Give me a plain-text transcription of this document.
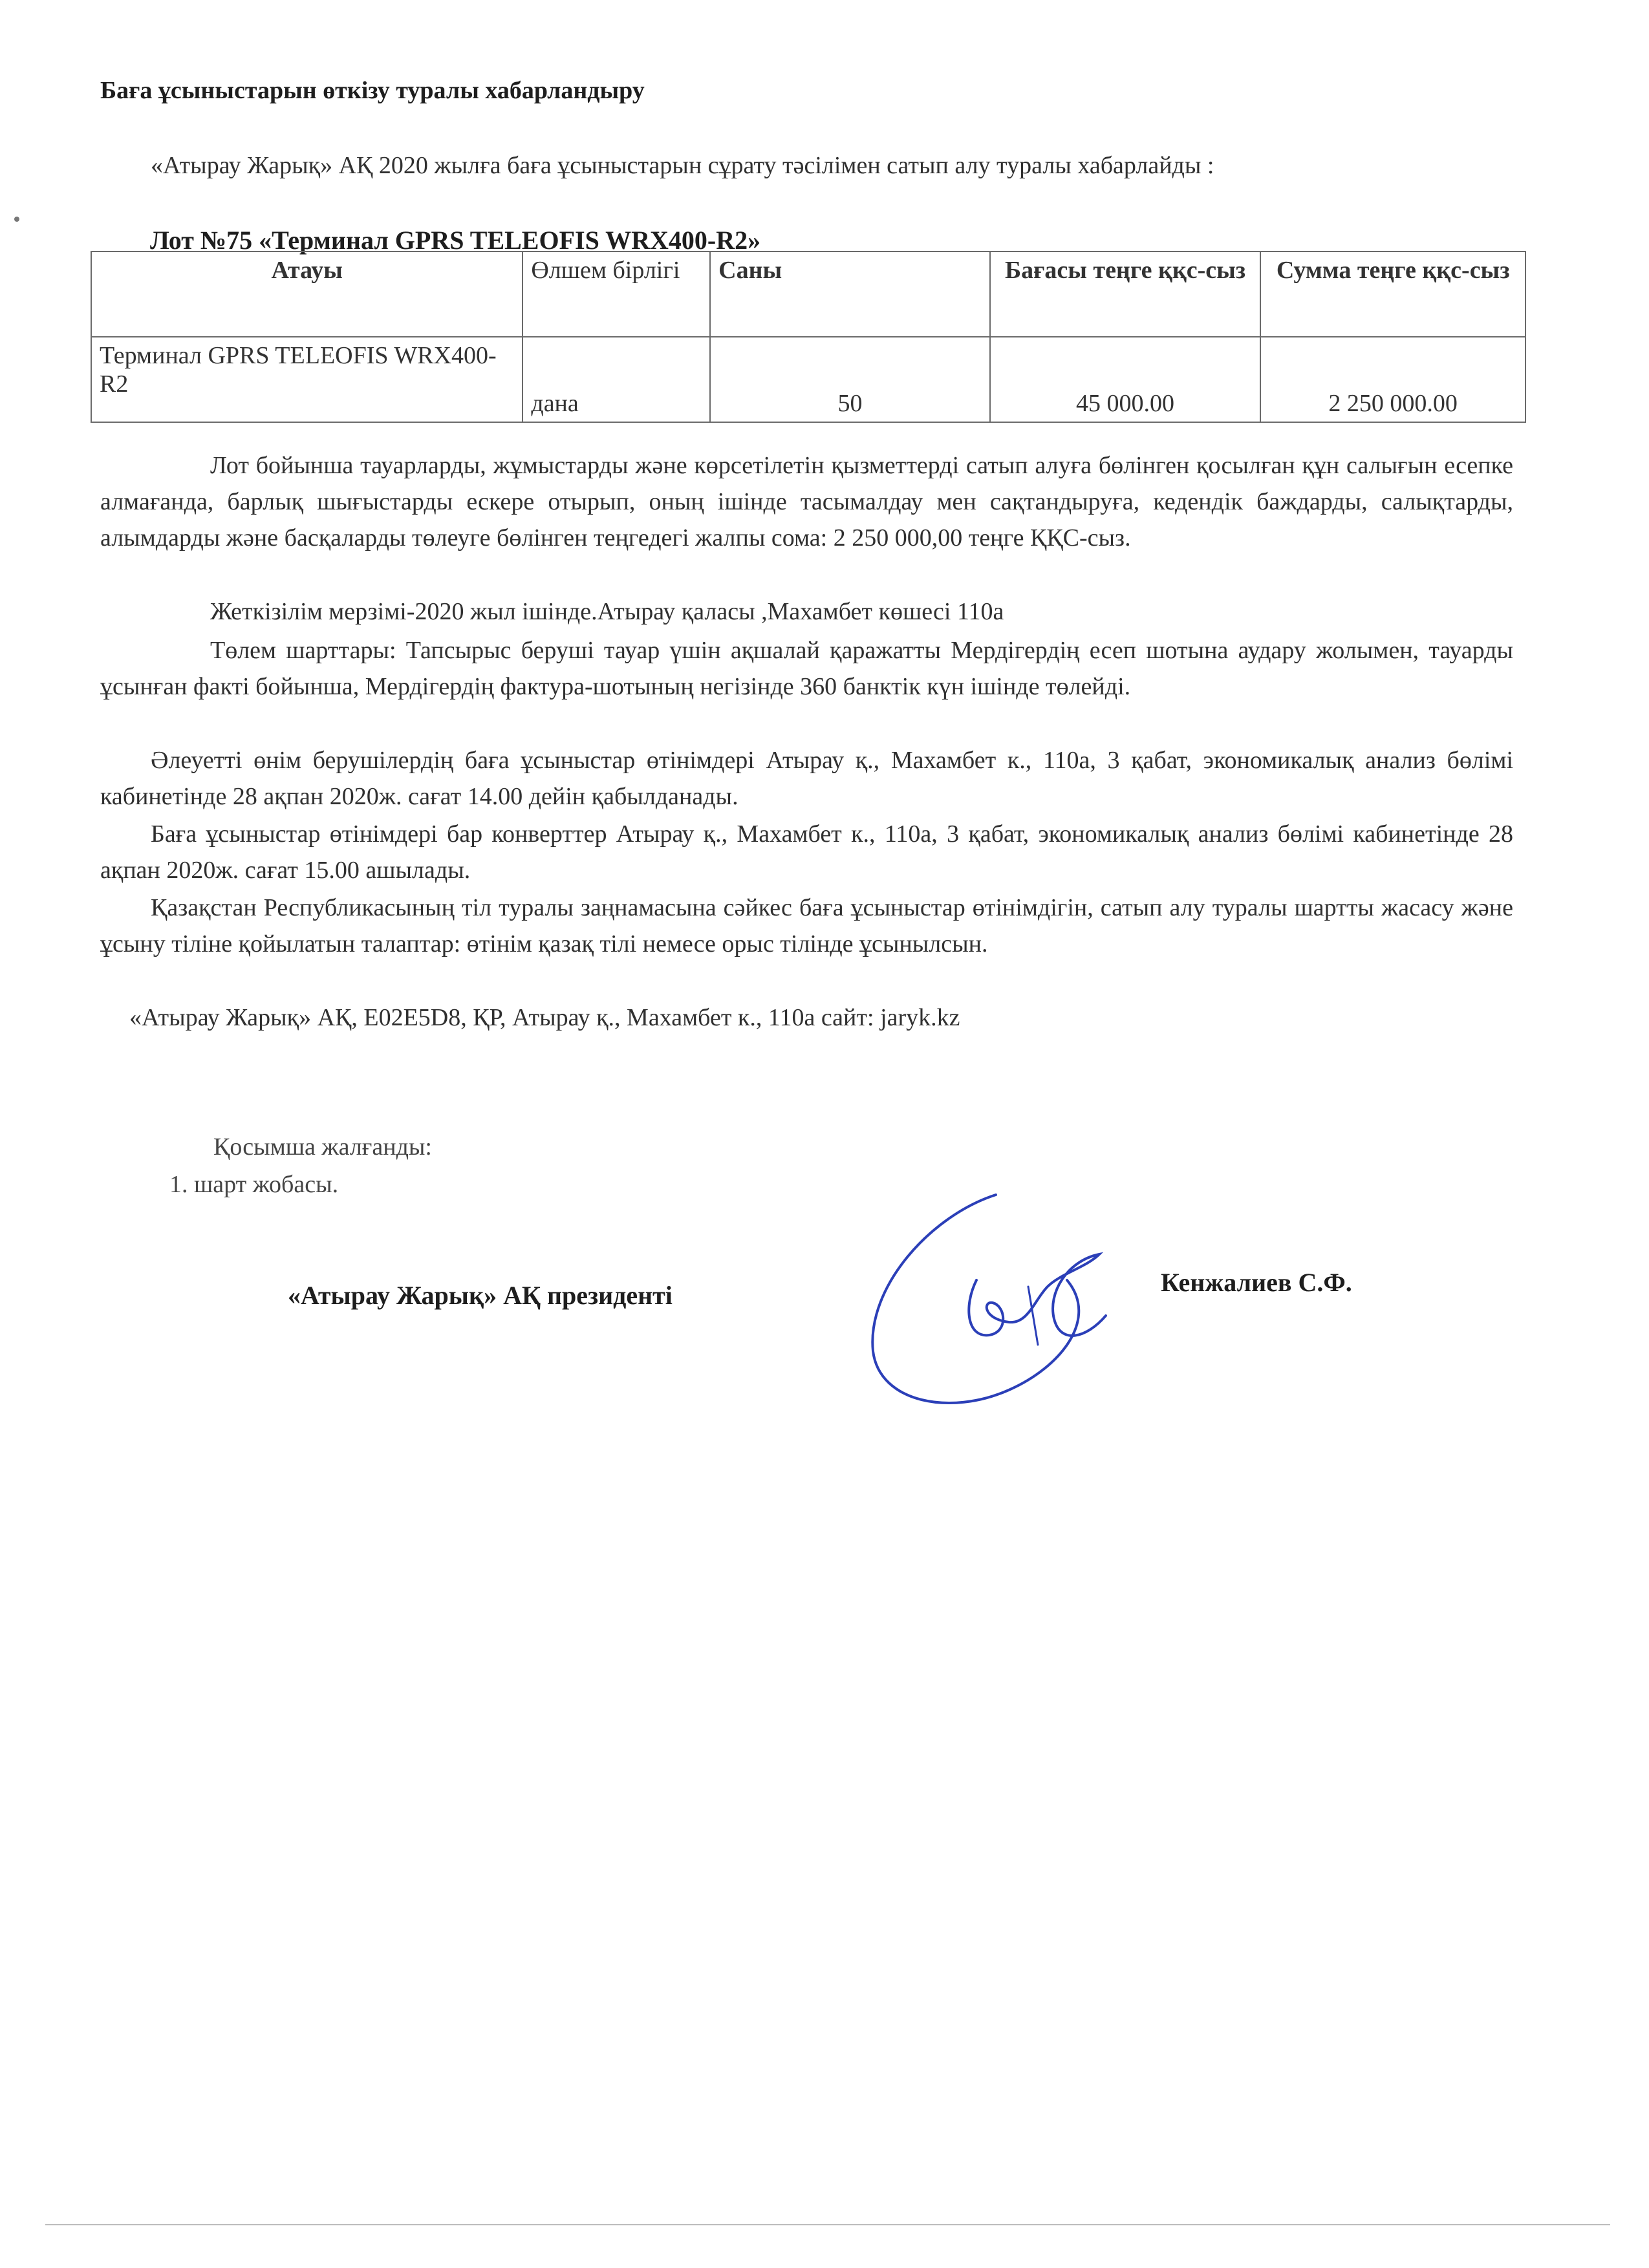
Баға ұсыныстарын өткізу туралы хабарландыру
«Атырау Жарық» АҚ 2020 жылға баға ұсыныстарын сұрату тәсілімен сатып алу туралы хабарлайды :
Лот №75 «Терминал GPRS TELEOFIS WRX400-R2»
Атауы	Өлшем бірлігі	Саны	Бағасы теңге ққс-сыз	Сумма теңге ққс-сыз
Терминал GPRS TELEOFIS WRX400-R2	дана	50	45 000.00	2 250 000.00
Лот бойынша тауарларды, жұмыстарды және көрсетілетін қызметтерді сатып алуға бөлінген қосылған құн салығын есепке алмағанда, барлық шығыстарды ескере отырып, оның ішінде тасымалдау мен сақтандыруға, кедендік баждарды, салықтарды, алымдарды және басқаларды төлеуге бөлінген теңгедегі жалпы сома: 2 250 000,00 теңге ҚҚС-сыз.
Жеткізілім мерзімі-2020 жыл ішінде.Атырау қаласы ,Махамбет көшесі 110а
Төлем шарттары: Тапсырыс беруші тауар үшін ақшалай қаражатты Мердігердің есеп шотына аудару жолымен, тауарды ұсынған факті бойынша, Мердігердің фактура-шотының негізінде 360 банктік күн ішінде төлейді.
Әлеуетті өнім берушілердің баға ұсыныстар өтінімдері Атырау қ., Махамбет к., 110а, 3 қабат, экономикалық анализ бөлімі кабинетінде 28 ақпан 2020ж. сағат 14.00 дейін қабылданады.
Баға ұсыныстар өтінімдері бар конверттер Атырау қ., Махамбет к., 110а, 3 қабат, экономикалық анализ бөлімі кабинетінде 28 ақпан 2020ж. сағат 15.00 ашылады.
Қазақстан Республикасының тіл туралы заңнамасына сәйкес баға ұсыныстар өтінімдігін, сатып алу туралы шартты жасасу және ұсыну тіліне қойылатын талаптар: өтінім қазақ тілі немесе орыс тілінде ұсынылсын.
«Атырау Жарық» АҚ, E02E5D8, ҚР, Атырау қ., Махамбет к., 110а сайт: jaryk.kz
Қосымша жалғанды:
1. шарт жобасы.
«Атырау Жарық» АҚ президенті	Кенжалиев С.Ф.
